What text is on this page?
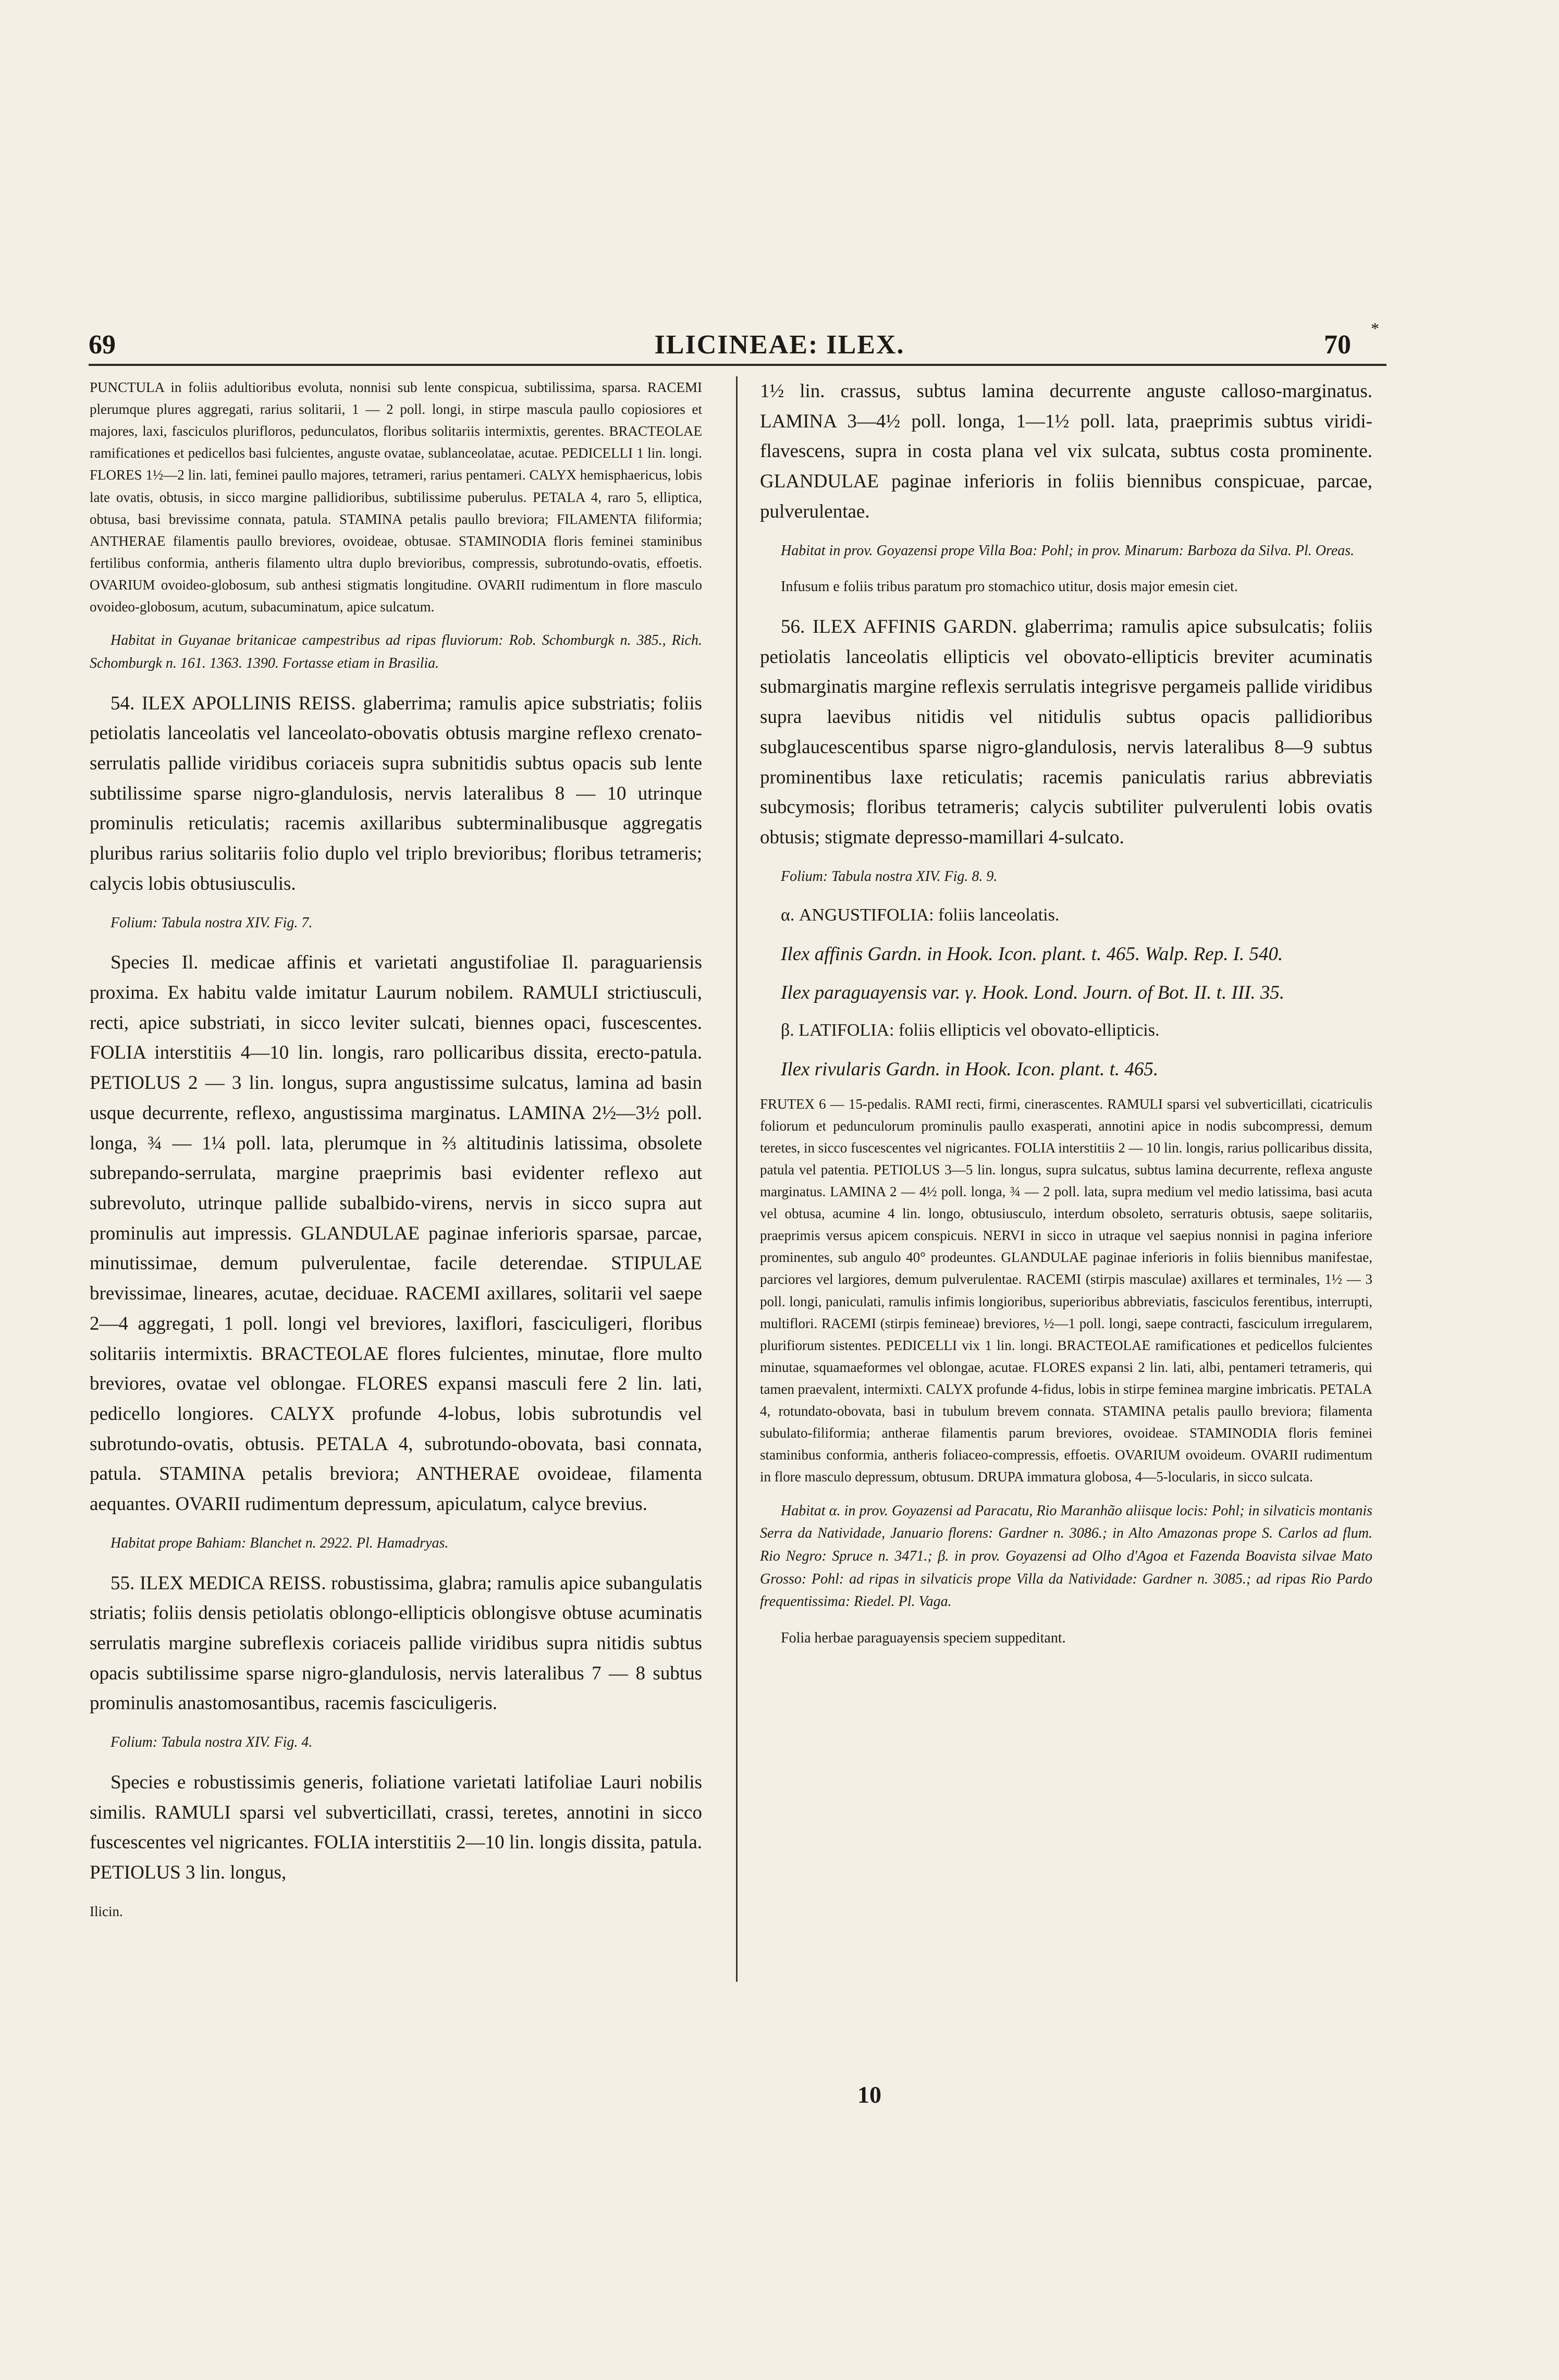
69	ILICINEAE: ILEX.	70
*

PUNCTULA in foliis adultioribus evoluta, nonnisi sub lente conspicua, subtilissima, sparsa. RACEMI plerumque plures aggregati, rarius solitarii, 1 — 2 poll. longi, in stirpe mascula paullo copiosiores et majores, laxi, fasciculos plurifloros, pedunculatos, floribus solitariis intermixtis, gerentes. BRACTEOLAE ramificationes et pedicellos basi fulcientes, anguste ovatae, sublanceolatae, acutae. PEDICELLI 1 lin. longi. FLORES 1½—2 lin. lati, feminei paullo majores, tetrameri, rarius pentameri. CALYX hemisphaericus, lobis late ovatis, obtusis, in sicco margine pallidioribus, subtilissime puberulus. PETALA 4, raro 5, elliptica, obtusa, basi brevissime connata, patula. STAMINA petalis paullo breviora; FILAMENTA filiformia; ANTHERAE filamentis paullo breviores, ovoideae, obtusae. STAMINODIA floris feminei staminibus fertilibus conformia, antheris filamento ultra duplo brevioribus, compressis, subrotundo-ovatis, effoetis. OVARIUM ovoideo-globosum, sub anthesi stigmatis longitudine. OVARII rudimentum in flore masculo ovoideo-globosum, acutum, subacuminatum, apice sulcatum.

Habitat in Guyanae britanicae campestribus ad ripas fluviorum: Rob. Schomburgk n. 385., Rich. Schomburgk n. 161. 1363. 1390. Fortasse etiam in Brasilia.

54. ILEX APOLLINIS REISS. glaberrima; ramulis apice substriatis; foliis petiolatis lanceolatis vel lanceolato-obovatis obtusis margine reflexo crenato-serrulatis pallide viridibus coriaceis supra subnitidis subtus opacis sub lente subtilissime sparse nigro-glandulosis, nervis lateralibus 8 — 10 utrinque prominulis reticulatis; racemis axillaribus subterminalibusque aggregatis pluribus rarius solitariis folio duplo vel triplo brevioribus; floribus tetrameris; calycis lobis obtusiusculis.

Folium: Tabula nostra XIV. Fig. 7.

Species Il. medicae affinis et varietati angustifoliae Il. paraguariensis proxima. Ex habitu valde imitatur Laurum nobilem. RAMULI strictiusculi, recti, apice substriati, in sicco leviter sulcati, biennes opaci, fuscescentes. FOLIA interstitiis 4—10 lin. longis, raro pollicaribus dissita, erecto-patula. PETIOLUS 2 — 3 lin. longus, supra angustissime sulcatus, lamina ad basin usque decurrente, reflexo, angustissima marginatus. LAMINA 2½—3½ poll. longa, ¾ — 1¼ poll. lata, plerumque in ⅔ altitudinis latissima, obsolete subrepando-serrulata, margine praeprimis basi evidenter reflexo aut subrevoluto, utrinque pallide subalbido-virens, nervis in sicco supra aut prominulis aut impressis. GLANDULAE paginae inferioris sparsae, parcae, minutissimae, demum pulverulentae, facile deterendae. STIPULAE brevissimae, lineares, acutae, deciduae. RACEMI axillares, solitarii vel saepe 2—4 aggregati, 1 poll. longi vel breviores, laxiflori, fasciculigeri, floribus solitariis intermixtis. BRACTEOLAE flores fulcientes, minutae, flore multo breviores, ovatae vel oblongae. FLORES expansi masculi fere 2 lin. lati, pedicello longiores. CALYX profunde 4-lobus, lobis subrotundis vel subrotundo-ovatis, obtusis. PETALA 4, subrotundo-obovata, basi connata, patula. STAMINA petalis breviora; ANTHERAE ovoideae, filamenta aequantes. OVARII rudimentum depressum, apiculatum, calyce brevius.

Habitat prope Bahiam: Blanchet n. 2922. Pl. Hamadryas.

55. ILEX MEDICA REISS. robustissima, glabra; ramulis apice subangulatis striatis; foliis densis petiolatis oblongo-ellipticis oblongisve obtuse acuminatis serrulatis margine subreflexis coriaceis pallide viridibus supra nitidis subtus opacis subtilissime sparse nigro-glandulosis, nervis lateralibus 7 — 8 subtus prominulis anastomosantibus, racemis fasciculigeris.

Folium: Tabula nostra XIV. Fig. 4.

Species e robustissimis generis, foliatione varietati latifoliae Lauri nobilis similis. RAMULI sparsi vel subverticillati, crassi, teretes, annotini in sicco fuscescentes vel nigricantes. FOLIA interstitiis 2—10 lin. longis dissita, patula. PETIOLUS 3 lin. longus,

Ilicin.

1½ lin. crassus, subtus lamina decurrente anguste calloso-marginatus. LAMINA 3—4½ poll. longa, 1—1½ poll. lata, praeprimis subtus viridi-flavescens, supra in costa plana vel vix sulcata, subtus costa prominente. GLANDULAE paginae inferioris in foliis biennibus conspicuae, parcae, pulverulentae.

Habitat in prov. Goyazensi prope Villa Boa: Pohl; in prov. Minarum: Barboza da Silva. Pl. Oreas.

Infusum e foliis tribus paratum pro stomachico utitur, dosis major emesin ciet.

56. ILEX AFFINIS GARDN. glaberrima; ramulis apice subsulcatis; foliis petiolatis lanceolatis ellipticis vel obovato-ellipticis breviter acuminatis submarginatis margine reflexis serrulatis integrisve pergameis pallide viridibus supra laevibus nitidis vel nitidulis subtus opacis pallidioribus subglaucescentibus sparse nigro-glandulosis, nervis lateralibus 8—9 subtus prominentibus laxe reticulatis; racemis paniculatis rarius abbreviatis subcymosis; floribus tetrameris; calycis subtiliter pulverulenti lobis ovatis obtusis; stigmate depresso-mamillari 4-sulcato.

Folium: Tabula nostra XIV. Fig. 8. 9.

α. ANGUSTIFOLIA: foliis lanceolatis.

Ilex affinis Gardn. in Hook. Icon. plant. t. 465. Walp. Rep. I. 540.

Ilex paraguayensis var. γ. Hook. Lond. Journ. of Bot. II. t. III. 35.

β. LATIFOLIA: foliis ellipticis vel obovato-ellipticis.

Ilex rivularis Gardn. in Hook. Icon. plant. t. 465.

FRUTEX 6 — 15-pedalis. RAMI recti, firmi, cinerascentes. RAMULI sparsi vel subverticillati, cicatriculis foliorum et pedunculorum prominulis paullo exasperati, annotini apice in nodis subcompressi, demum teretes, in sicco fuscescentes vel nigricantes. FOLIA interstitiis 2 — 10 lin. longis, rarius pollicaribus dissita, patula vel patentia. PETIOLUS 3—5 lin. longus, supra sulcatus, subtus lamina decurrente, reflexa anguste marginatus. LAMINA 2 — 4½ poll. longa, ¾ — 2 poll. lata, supra medium vel medio latissima, basi acuta vel obtusa, acumine 4 lin. longo, obtusiusculo, interdum obsoleto, serraturis obtusis, saepe solitariis, praeprimis versus apicem conspicuis. NERVI in sicco in utraque vel saepius nonnisi in pagina inferiore prominentes, sub angulo 40° prodeuntes. GLANDULAE paginae inferioris in foliis biennibus manifestae, parciores vel largiores, demum pulverulentae. RACEMI (stirpis masculae) axillares et terminales, 1½ — 3 poll. longi, paniculati, ramulis infimis longioribus, superioribus abbreviatis, fasciculos ferentibus, interrupti, multiflori. RACEMI (stirpis femineae) breviores, ½—1 poll. longi, saepe contracti, fasciculum irregularem, plurifiorum sistentes. PEDICELLI vix 1 lin. longi. BRACTEOLAE ramificationes et pedicellos fulcientes minutae, squamaeformes vel oblongae, acutae. FLORES expansi 2 lin. lati, albi, pentameri tetrameris, qui tamen praevalent, intermixti. CALYX profunde 4-fidus, lobis in stirpe feminea margine imbricatis. PETALA 4, rotundato-obovata, basi in tubulum brevem connata. STAMINA petalis paullo breviora; filamenta subulato-filiformia; antherae filamentis parum breviores, ovoideae. STAMINODIA floris feminei staminibus conformia, antheris foliaceo-compressis, effoetis. OVARIUM ovoideum. OVARII rudimentum in flore masculo depressum, obtusum. DRUPA immatura globosa, 4—5-locularis, in sicco sulcata.

Habitat α. in prov. Goyazensi ad Paracatu, Rio Maranhão aliisque locis: Pohl; in silvaticis montanis Serra da Natividade, Januario florens: Gardner n. 3086.; in Alto Amazonas prope S. Carlos ad flum. Rio Negro: Spruce n. 3471.; β. in prov. Goyazensi ad Olho d'Agoa et Fazenda Boavista silvae Mato Grosso: Pohl: ad ripas in silvaticis prope Villa da Natividade: Gardner n. 3085.; ad ripas Rio Pardo frequentissima: Riedel. Pl. Vaga.

Folia herbae paraguayensis speciem suppeditant.

10
